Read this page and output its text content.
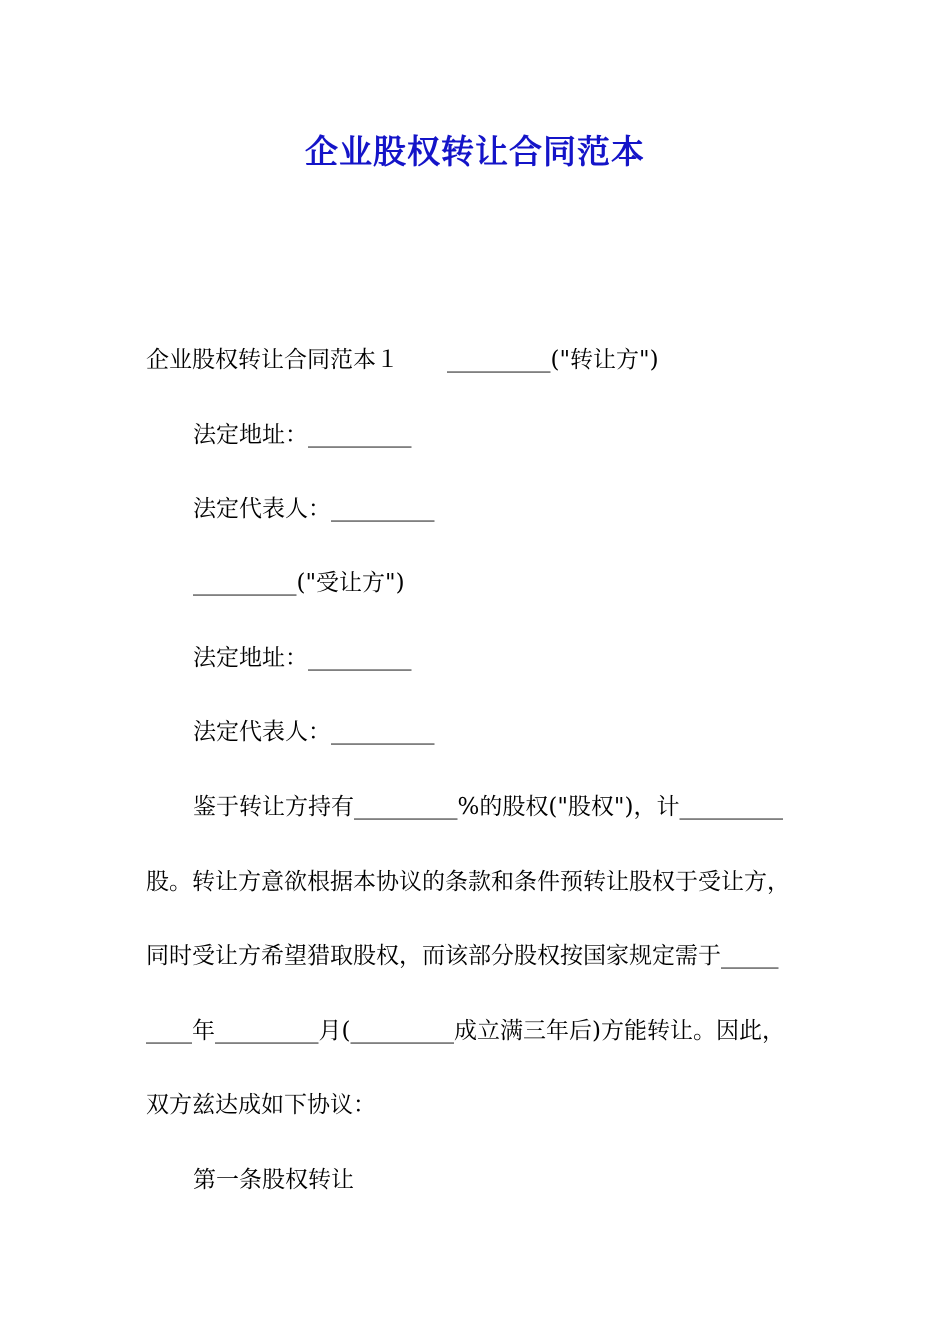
企业股权转让合同范本
企业股权转让合同范本１ _________("转让方")
法定地址：_________
法定代表人：_________
_________("受让方")
法定地址：_________
法定代表人：_________
鉴于转让方持有_________%的股权("股权")，计_________
股。转让方意欲根据本协议的条款和条件预转让股权于受让方，
同时受让方希望猎取股权，而该部分股权按国家规定需于_____
____年_________月(_________成立满三年后)方能转让。因此，
双方兹达成如下协议：
第一条股权转让
